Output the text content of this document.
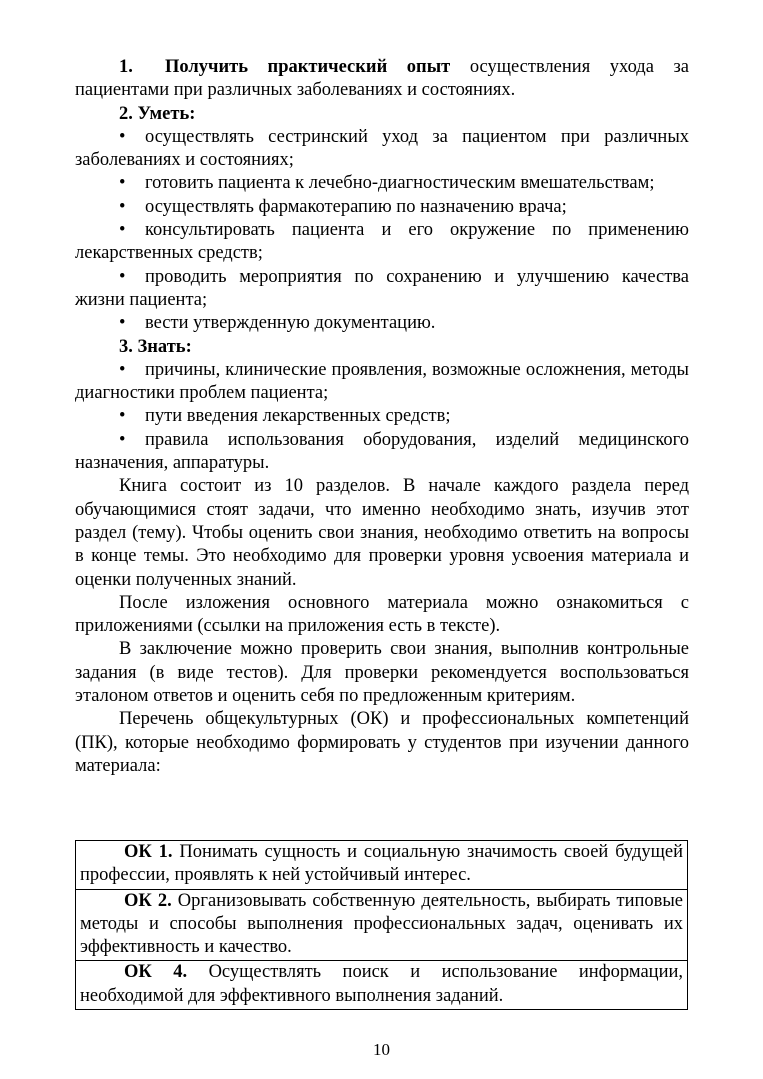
1. Получить практический опыт осуществления ухода за пациентами при различных заболеваниях и состояниях.

2. Уметь:

• осуществлять сестринский уход за пациентом при различных заболеваниях и состояниях;

• готовить пациента к лечебно-диагностическим вмешательствам;

• осуществлять фармакотерапию по назначению врача;

• консультировать пациента и его окружение по применению лекарственных средств;

• проводить мероприятия по сохранению и улучшению качества жизни пациента;

• вести утвержденную документацию.

3. Знать:

• причины, клинические проявления, возможные осложнения, методы диагностики проблем пациента;

• пути введения лекарственных средств;

• правила использования оборудования, изделий медицинского назначения, аппаратуры.

Книга состоит из 10 разделов. В начале каждого раздела перед обучающимися стоят задачи, что именно необходимо знать, изучив этот раздел (тему). Чтобы оценить свои знания, необходимо ответить на вопросы в конце темы. Это необходимо для проверки уровня усвоения материала и оценки полученных знаний.

После изложения основного материала можно ознакомиться с приложениями (ссылки на приложения есть в тексте).

В заключение можно проверить свои знания, выполнив контрольные задания (в виде тестов). Для проверки рекомендуется воспользоваться эталоном ответов и оценить себя по предложенным критериям.

Перечень общекультурных (ОК) и профессиональных компетенций (ПК), которые необходимо формировать у студентов при изучении данного материала:

ОК 1. Понимать сущность и социальную значимость своей будущей профессии, проявлять к ней устойчивый интерес.
ОК 2. Организовывать собственную деятельность, выбирать типовые методы и способы выполнения профессиональных задач, оценивать их эффективность и качество.
ОК 4. Осуществлять поиск и использование информации, необходимой для эффективного выполнения заданий.
10
